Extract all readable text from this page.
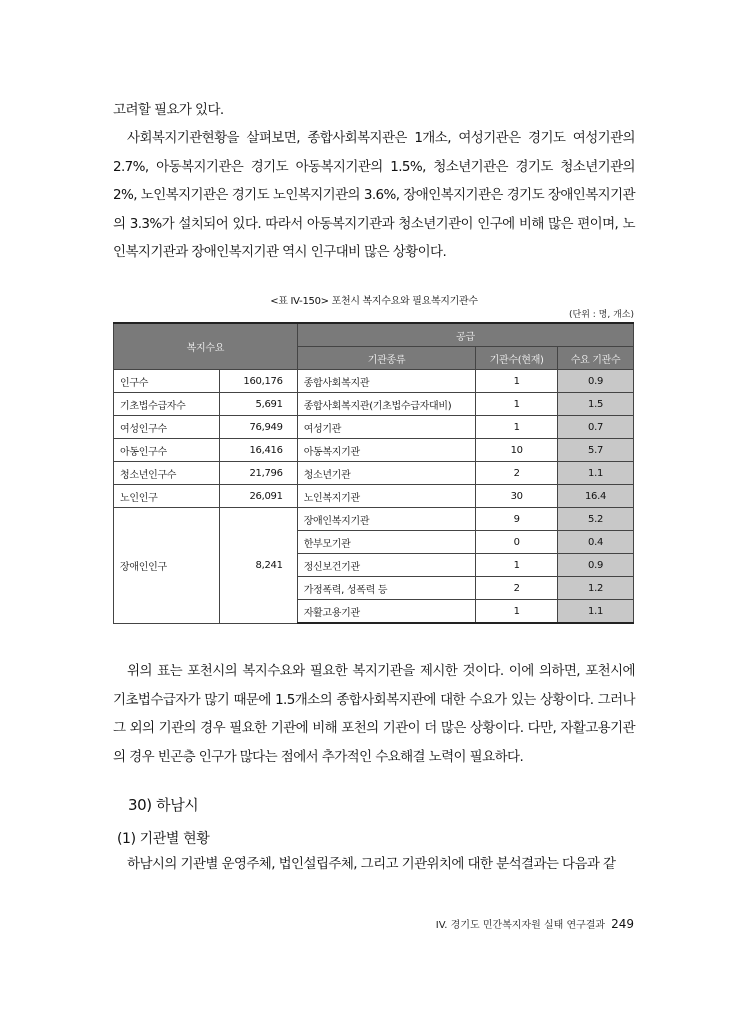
고려할 필요가 있다.

사회복지기관현황을 살펴보면, 종합사회복지관은 1개소, 여성기관은 경기도 여성기관의 2.7%, 아동복지기관은 경기도 아동복지기관의 1.5%, 청소년기관은 경기도 청소년기관의 2%, 노인복지기관은 경기도 노인복지기관의 3.6%, 장애인복지기관은 경기도 장애인복지기관의 3.3%가 설치되어 있다. 따라서 아동복지기관과 청소년기관이 인구에 비해 많은 편이며, 노인복지기관과 장애인복지기관 역시 인구대비 많은 상황이다.

<표 IV-150> 포천시 복지수요와 필요복지기관수
(단위 : 명, 개소)
복지수요		공급		
		기관종류	기관수(현재)	수요 기관수
인구수	160,176	종합사회복지관	1	0.9
기초법수급자수	5,691	종합사회복지관(기초법수급자대비)	1	1.5
여성인구수	76,949	여성기관	1	0.7
아동인구수	16,416	아동복지기관	10	5.7
청소년인구수	21,796	청소년기관	2	1.1
노인인구	26,091	노인복지기관	30	16.4
장애인인구	8,241	장애인복지기관	9	5.2
		한부모기관	0	0.4
		정신보건기관	1	0.9
		가정폭력, 성폭력 등	2	1.2
		자활고용기관	1	1.1

위의 표는 포천시의 복지수요와 필요한 복지기관을 제시한 것이다. 이에 의하면, 포천시에 기초법수급자가 많기 때문에 1.5개소의 종합사회복지관에 대한 수요가 있는 상황이다. 그러나 그 외의 기관의 경우 필요한 기관에 비해 포천의 기관이 더 많은 상황이다. 다만, 자활고용기관의 경우 빈곤층 인구가 많다는 점에서 추가적인 수요해결 노력이 필요하다.

30) 하남시
(1) 기관별 현황

하남시의 기관별 운영주체, 법인설립주체, 그리고 기관위치에 대한 분석결과는 다음과 같

IV. 경기도 민간복지자원 실태 연구결과 249
